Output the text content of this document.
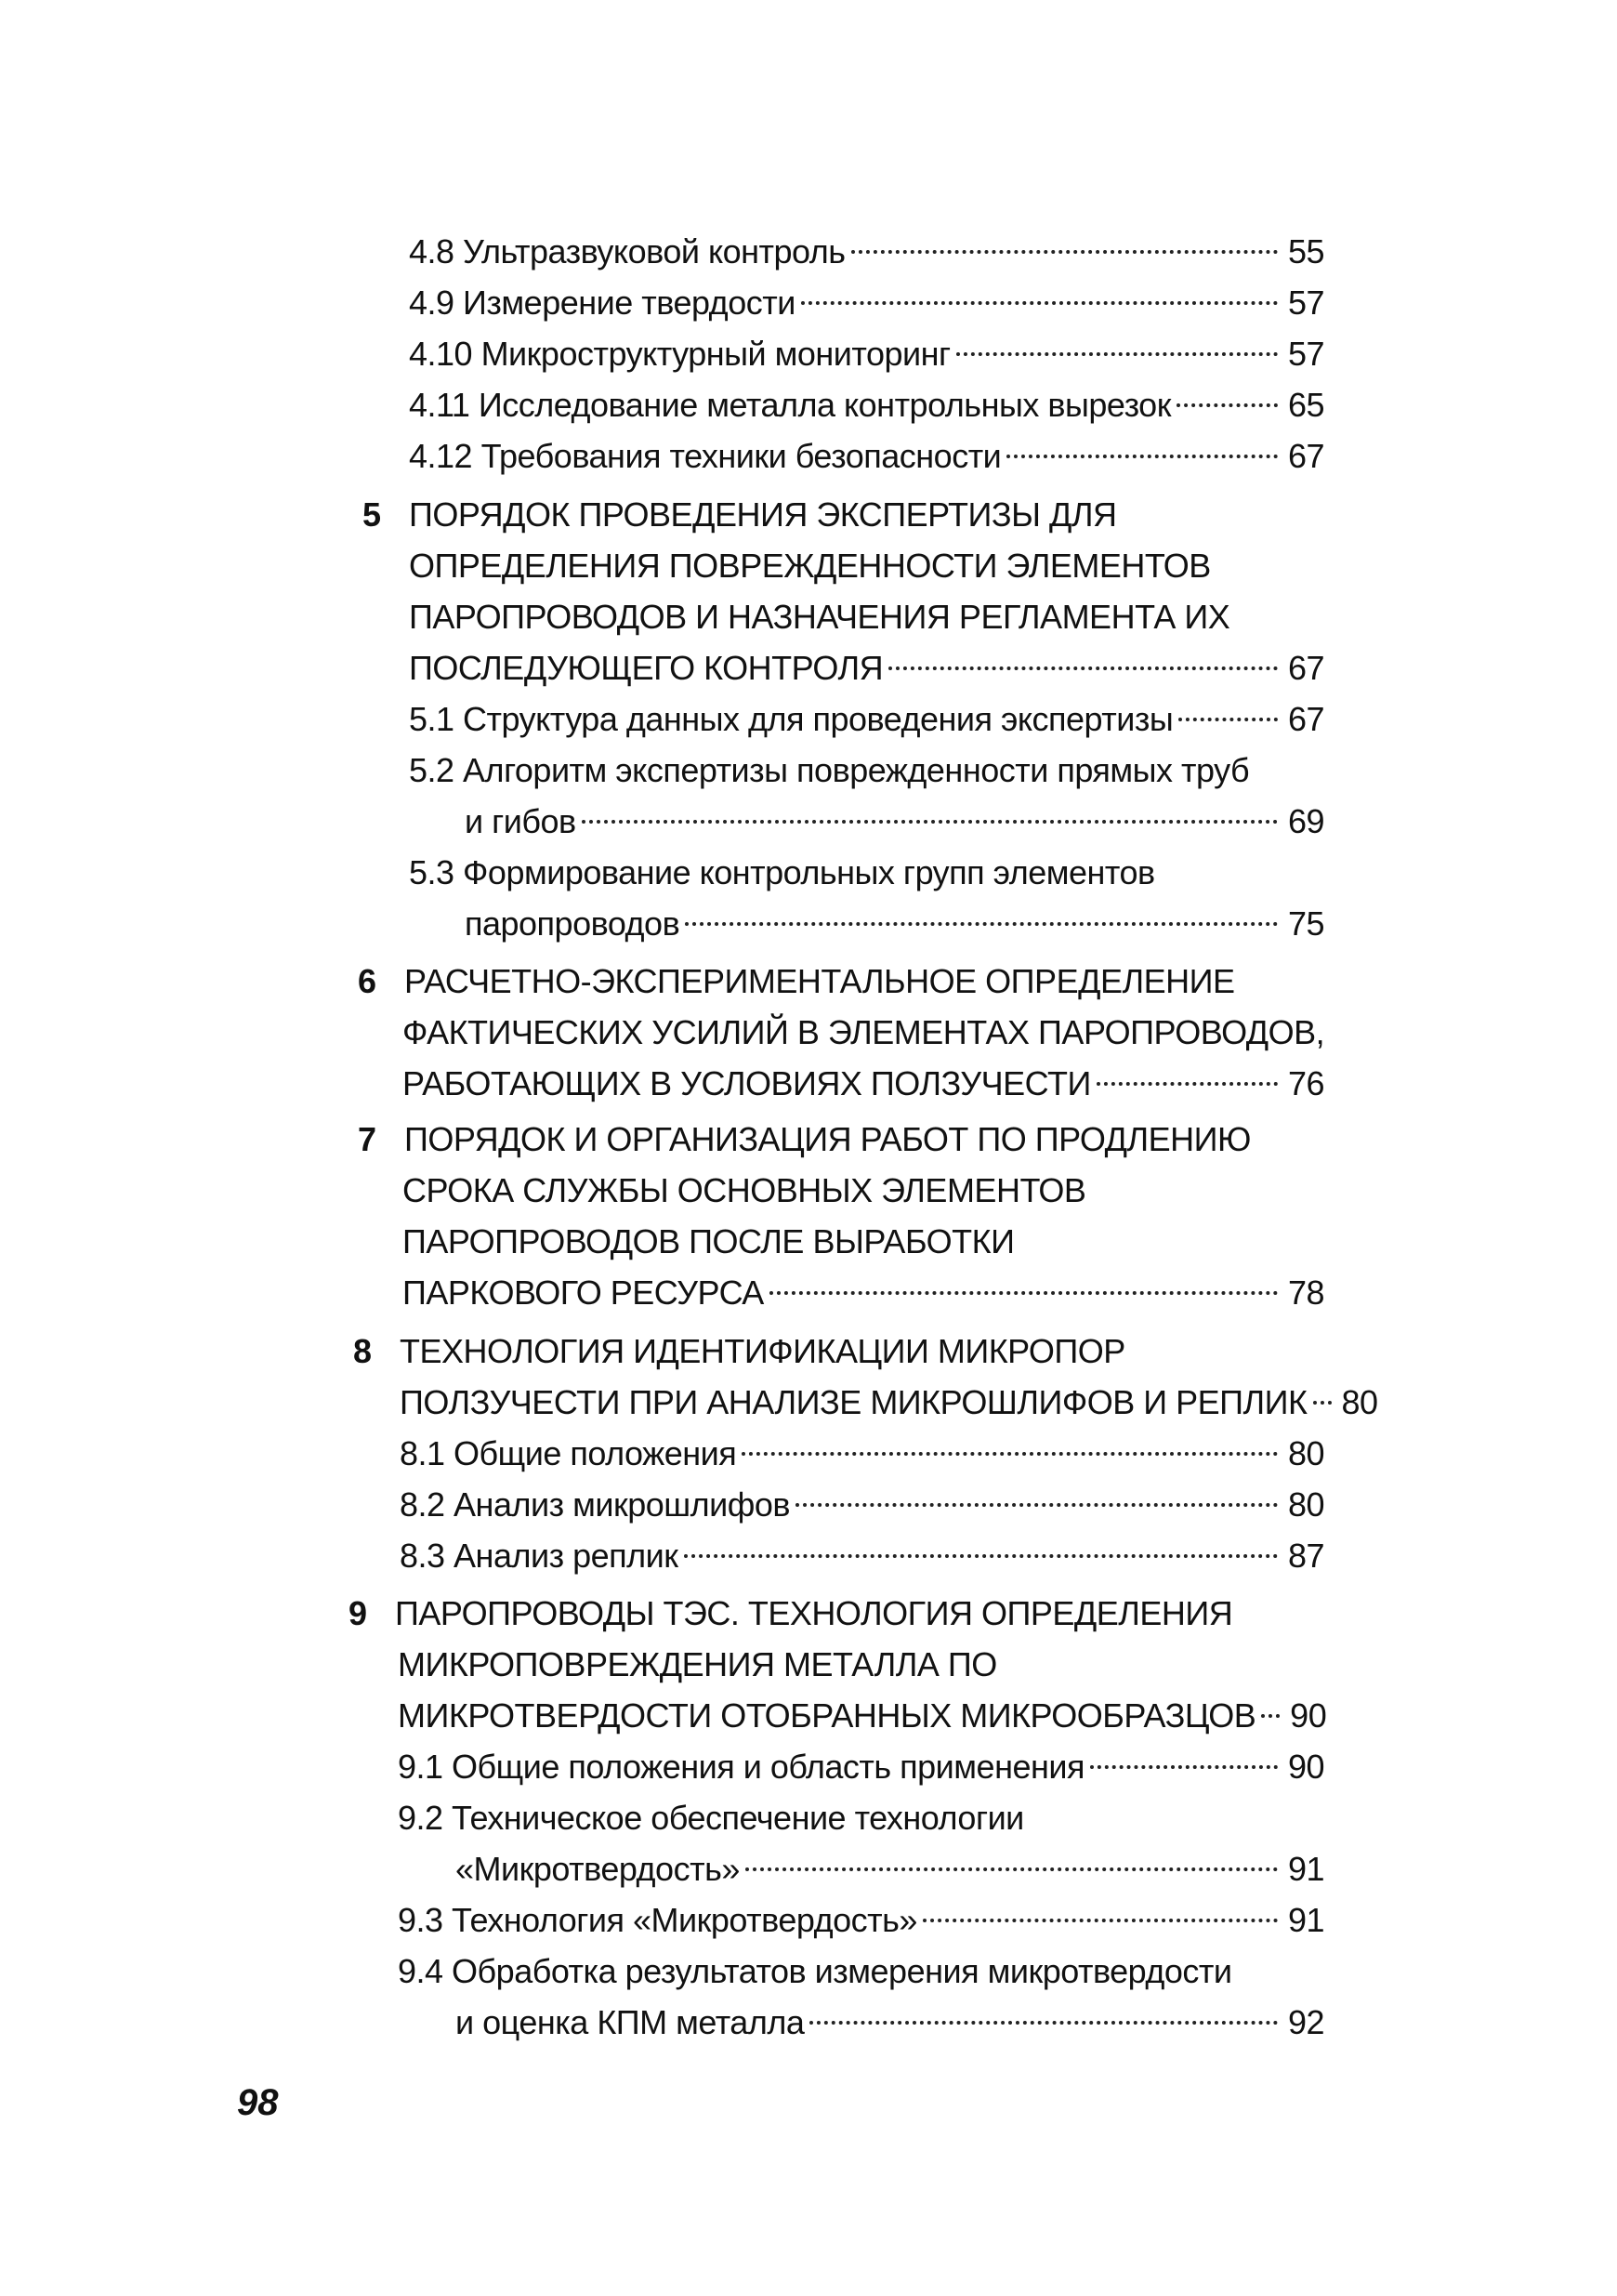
4.8 Ультразвуковой контроль	55
4.9 Измерение твердости	57
4.10 Микроструктурный мониторинг	57
4.11 Исследование металла контрольных вырезок	65
4.12 Требования техники безопасности	67
5 ПОРЯДОК ПРОВЕДЕНИЯ ЭКСПЕРТИЗЫ ДЛЯ
ОПРЕДЕЛЕНИЯ ПОВРЕЖДЕННОСТИ ЭЛЕМЕНТОВ
ПАРОПРОВОДОВ И НАЗНАЧЕНИЯ РЕГЛАМЕНТА ИХ
ПОСЛЕДУЮЩЕГО КОНТРОЛЯ	67
5.1 Структура данных для проведения экспертизы	67
5.2 Алгоритм экспертизы поврежденности прямых труб
и гибов	69
5.3 Формирование контрольных групп элементов
паропроводов	75
6 РАСЧЕТНО-ЭКСПЕРИМЕНТАЛЬНОЕ ОПРЕДЕЛЕНИЕ
ФАКТИЧЕСКИХ УСИЛИЙ В ЭЛЕМЕНТАХ ПАРОПРОВОДОВ,
РАБОТАЮЩИХ В УСЛОВИЯХ ПОЛЗУЧЕСТИ	76
7 ПОРЯДОК И ОРГАНИЗАЦИЯ РАБОТ ПО ПРОДЛЕНИЮ
СРОКА СЛУЖБЫ ОСНОВНЫХ ЭЛЕМЕНТОВ
ПАРОПРОВОДОВ ПОСЛЕ ВЫРАБОТКИ
ПАРКОВОГО РЕСУРСА	78
8 ТЕХНОЛОГИЯ ИДЕНТИФИКАЦИИ МИКРОПОР
ПОЛЗУЧЕСТИ ПРИ АНАЛИЗЕ МИКРОШЛИФОВ И РЕПЛИК 80
8.1 Общие положения	80
8.2 Анализ микрошлифов	80
8.3 Анализ реплик	87
9 ПАРОПРОВОДЫ ТЭС. ТЕХНОЛОГИЯ ОПРЕДЕЛЕНИЯ
МИКРОПОВРЕЖДЕНИЯ МЕТАЛЛА ПО
МИКРОТВЕРДОСТИ ОТОБРАННЫХ МИКРООБРАЗЦОВ 90
9.1 Общие положения и область применения	90
9.2 Техническое обеспечение технологии
«Микротвердость»	91
9.3 Технология «Микротвердость»	91
9.4 Обработка результатов измерения микротвердости
и оценка КПМ металла	92
98
